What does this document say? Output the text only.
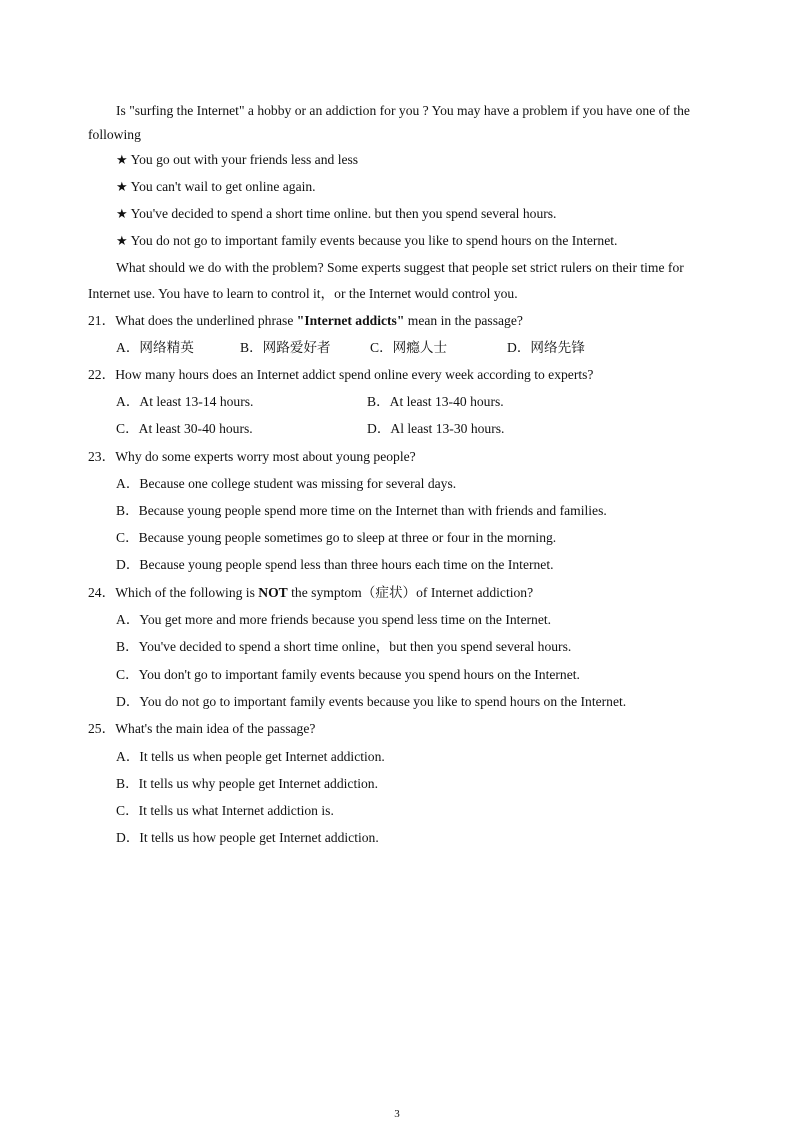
Is "surfing the Internet" a hobby or an addiction for you ? You may have a problem if you have one of the
following
★ You go out with your friends less and less
★ You can't wail to get online again.
★ You've decided to spend a short time online. but then you spend several hours.
★ You do not go to important family events because you like to spend hours on the Internet.
What should we do with the problem? Some experts suggest that people set strict rulers on their time for
Internet use. You have to learn to control it，or the Internet would control you.
21．What does the underlined phrase "Internet addicts" mean in the passage?
A．网络精英	B．网路爱好者	C．网瘾人士	D．网络先锋
22．How many hours does an Internet addict spend online every week according to experts?
A．At least 13-14 hours.	B．At least 13-40 hours.
C．At least 30-40 hours.	D．Al least 13-30 hours.
23．Why do some experts worry most about young people?
A．Because one college student was missing for several days.
B．Because young people spend more time on the Internet than with friends and families.
C．Because young people sometimes go to sleep at three or four in the morning.
D．Because young people spend less than three hours each time on the Internet.
24．Which of the following is NOT the symptom（症状）of Internet addiction?
A．You get more and more friends because you spend less time on the Internet.
B．You've decided to spend a short time online，but then you spend several hours.
C．You don't go to important family events because you spend hours on the Internet.
D．You do not go to important family events because you like to spend hours on the Internet.
25．What's the main idea of the passage?
A．It tells us when people get Internet addiction.
B．It tells us why people get Internet addiction.
C．It tells us what Internet addiction is.
D．It tells us how people get Internet addiction.
3
